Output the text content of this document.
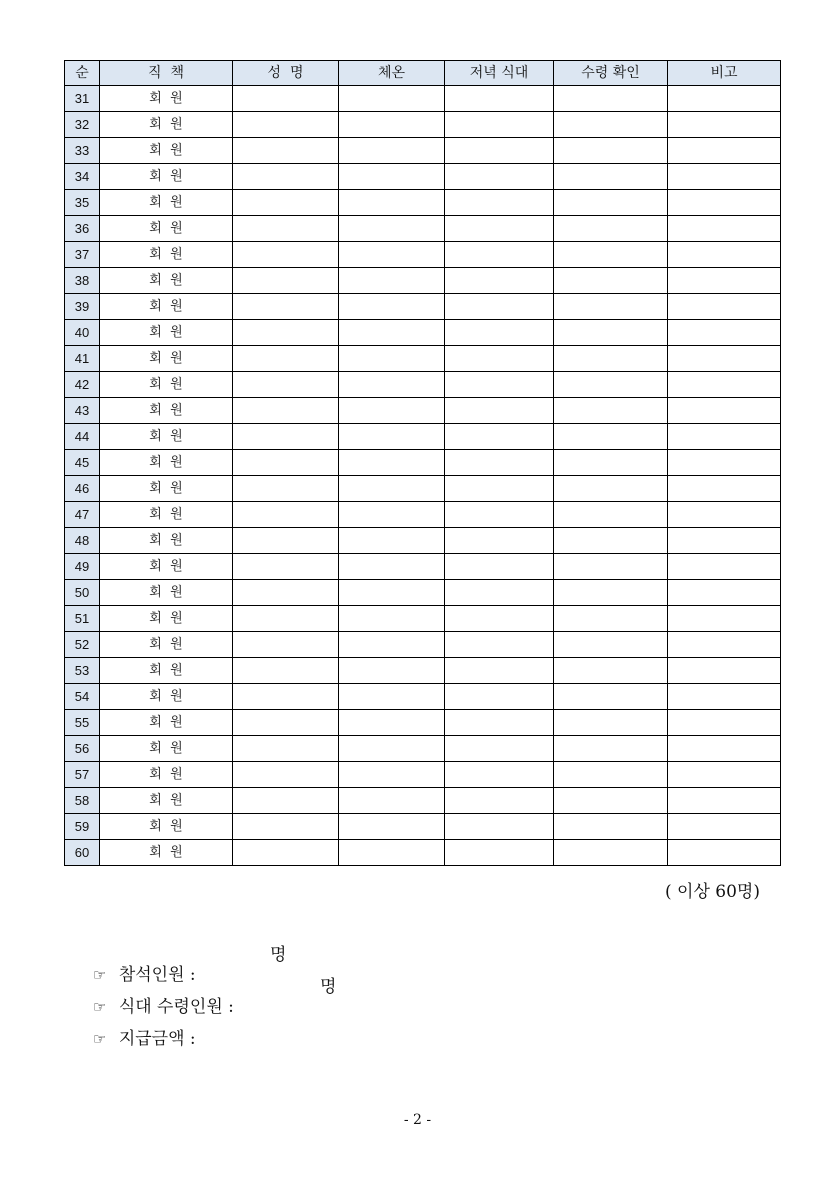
순	직  책	성  명	체온	저녁 식대	수령 확인	비고
31	회  원					
32	회  원					
33	회  원					
34	회  원					
35	회  원					
36	회  원					
37	회  원					
38	회  원					
39	회  원					
40	회  원					
41	회  원					
42	회  원					
43	회  원					
44	회  원					
45	회  원					
46	회  원					
47	회  원					
48	회  원					
49	회  원					
50	회  원					
51	회  원					
52	회  원					
53	회  원					
54	회  원					
55	회  원					
56	회  원					
57	회  원					
58	회  원					
59	회  원					
60	회  원					
( 이상 60명)

☞ 참석인원 :

명

☞ 식대 수령인원 :

명

☞ 지급금액 :

- 2 -
